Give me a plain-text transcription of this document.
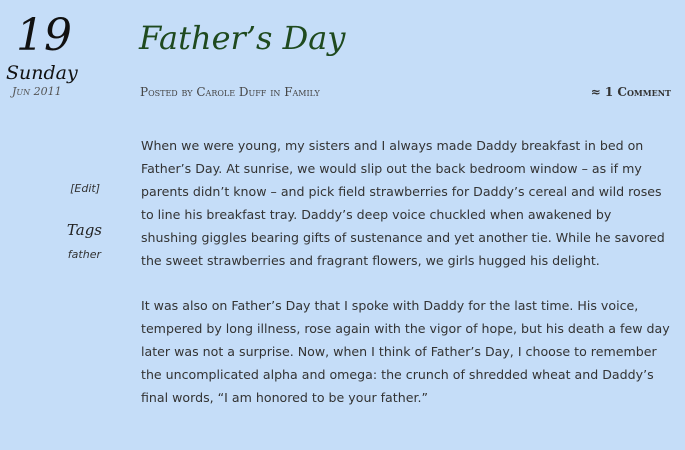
19
Sunday
Jun 2011
Father’s Day
Posted by Carole Duff in Family	≈ 1 Comment
[Edit]
Tags
father

When we were young, my sisters and I always made Daddy breakfast in bed on Father’s Day. At sunrise, we would slip out the back bedroom window – as if my parents didn’t know – and pick field strawberries for Daddy’s cereal and wild roses to line his breakfast tray. Daddy’s deep voice chuckled when awakened by shushing giggles bearing gifts of sustenance and yet another tie. While he savored the sweet strawberries and fragrant flowers, we girls hugged his delight.

It was also on Father’s Day that I spoke with Daddy for the last time. His voice, tempered by long illness, rose again with the vigor of hope, but his death a few day later was not a surprise. Now, when I think of Father’s Day, I choose to remember the uncomplicated alpha and omega: the crunch of shredded wheat and Daddy’s final words, “I am honored to be your father.”
